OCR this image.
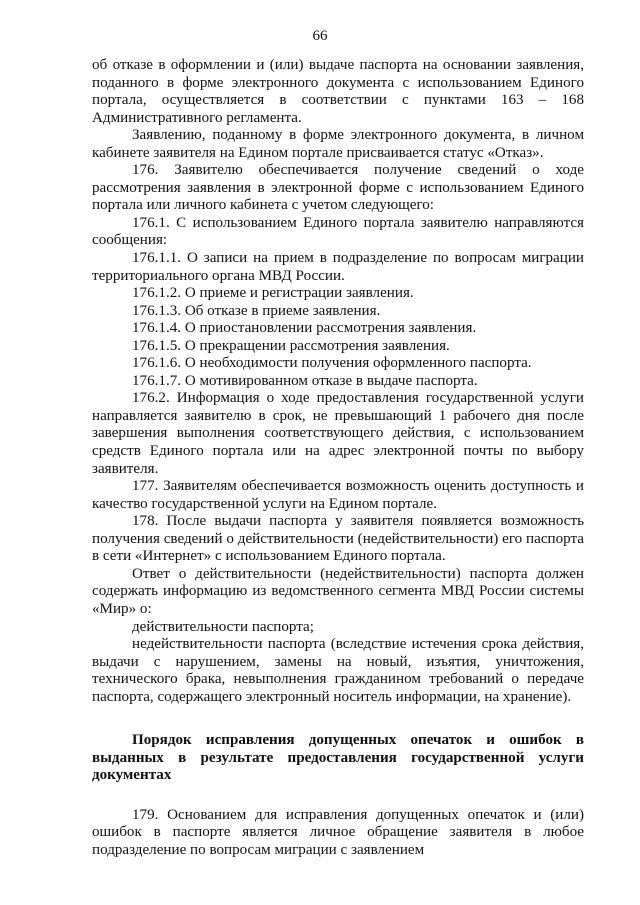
66

об отказе в оформлении и (или) выдаче паспорта на основании заявления, поданного в форме электронного документа с использованием Единого портала, осуществляется в соответствии с пунктами 163 – 168 Административного регламента.

Заявлению, поданному в форме электронного документа, в личном кабинете заявителя на Едином портале присваивается статус «Отказ».

176. Заявителю обеспечивается получение сведений о ходе рассмотрения заявления в электронной форме с использованием Единого портала или личного кабинета с учетом следующего:

176.1. С использованием Единого портала заявителю направляются сообщения:

176.1.1. О записи на прием в подразделение по вопросам миграции территориального органа МВД России.

176.1.2. О приеме и регистрации заявления.

176.1.3. Об отказе в приеме заявления.

176.1.4. О приостановлении рассмотрения заявления.

176.1.5. О прекращении рассмотрения заявления.

176.1.6. О необходимости получения оформленного паспорта.

176.1.7. О мотивированном отказе в выдаче паспорта.

176.2. Информация о ходе предоставления государственной услуги направляется заявителю в срок, не превышающий 1 рабочего дня после завершения выполнения соответствующего действия, с использованием средств Единого портала или на адрес электронной почты по выбору заявителя.

177. Заявителям обеспечивается возможность оценить доступность и качество государственной услуги на Едином портале.

178. После выдачи паспорта у заявителя появляется возможность получения сведений о действительности (недействительности) его паспорта в сети «Интернет» с использованием Единого портала.

Ответ о действительности (недействительности) паспорта должен содержать информацию из ведомственного сегмента МВД России системы «Мир» о:

действительности паспорта;

недействительности паспорта (вследствие истечения срока действия, выдачи с нарушением, замены на новый, изъятия, уничтожения, технического брака, невыполнения гражданином требований о передаче паспорта, содержащего электронный носитель информации, на хранение).

Порядок исправления допущенных опечаток и ошибок в выданных в результате предоставления государственной услуги документах

179. Основанием для исправления допущенных опечаток и (или) ошибок в паспорте является личное обращение заявителя в любое подразделение по вопросам миграции с заявлением
